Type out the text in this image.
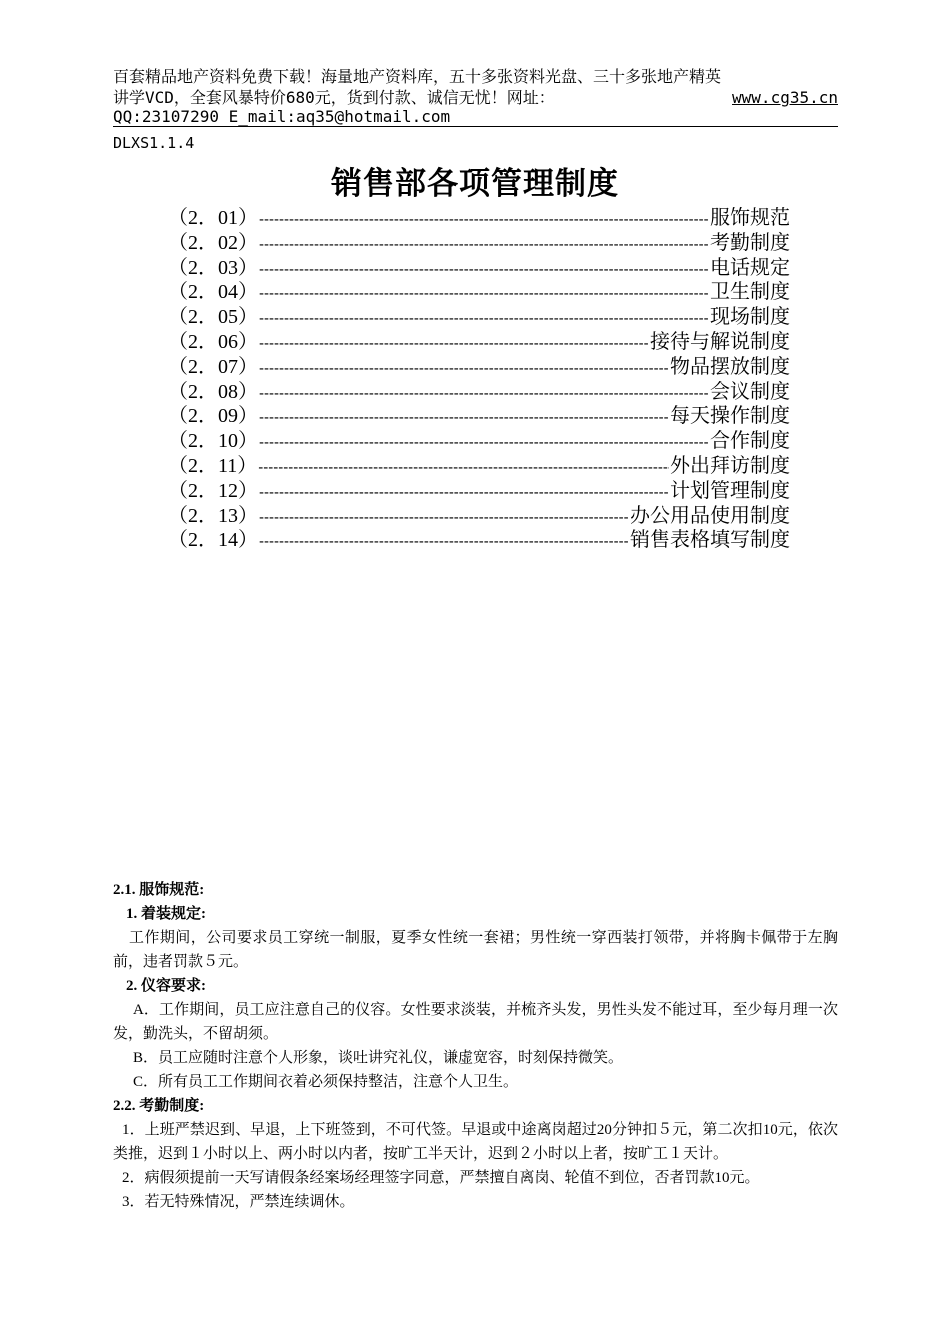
百套精品地产资料免费下载！海量地产资料库，五十多张资料光盘、三十多张地产精英
讲学VCD，全套风暴特价680元，货到付款、诚信无忧！网址：	www.cg35.cn
QQ:23107290 E_mail:aq35@hotmail.com
DLXS1.1.4
销售部各项管理制度
（2．01） -----	服饰规范
（2．02） -----	考勤制度
（2．03） -----	电话规定
（2．04） -----	卫生制度
（2．05） -----	现场制度
（2．06） -----	接待与解说制度
（2．07） -----	物品摆放制度
（2．08） -----	会议制度
（2．09） -----	每天操作制度
（2．10） -----	合作制度
（2．11） -----	外出拜访制度
（2．12） -----	计划管理制度
（2．13） -----	办公用品使用制度
（2．14） -----	销售表格填写制度
2.1. 服饰规范:
1. 着装规定:
工作期间，公司要求员工穿统一制服，夏季女性统一套裙；男性统一穿西装打领带，并将胸卡佩带于左胸前，违者罚款５元。
2. 仪容要求:
A．工作期间，员工应注意自己的仪容。女性要求淡装，并梳齐头发，男性头发不能过耳，至少每月理一次发，勤洗头，不留胡须。
B．员工应随时注意个人形象，谈吐讲究礼仪，谦虚宽容，时刻保持微笑。
C．所有员工工作期间衣着必须保持整洁，注意个人卫生。
2.2. 考勤制度:
1．上班严禁迟到、早退，上下班签到，不可代签。早退或中途离岗超过20分钟扣５元，第二次扣10元，依次类推，迟到１小时以上、两小时以内者，按旷工半天计，迟到２小时以上者，按旷工１天计。
2．病假须提前一天写请假条经案场经理签字同意，严禁擅自离岗、轮值不到位，否者罚款10元。
3．若无特殊情况，严禁连续调休。
